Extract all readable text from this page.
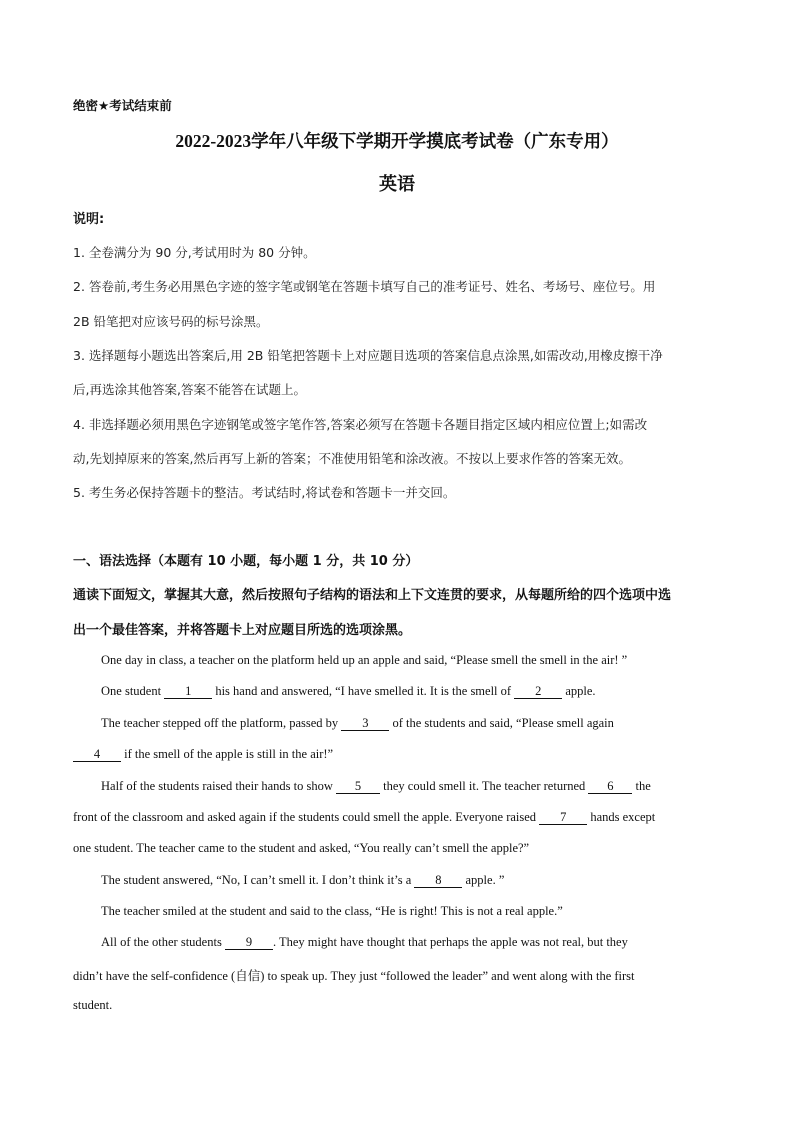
绝密★考试结束前
2022-2023学年八年级下学期开学摸底考试卷（广东专用）
英语
说明:
1. 全卷满分为 90 分,考试用时为 80 分钟。
2. 答卷前,考生务必用黑色字迹的签字笔或钢笔在答题卡填写自己的准考证号、姓名、考场号、座位号。用
2B 铅笔把对应该号码的标号涂黑。
3. 选择题每小题选出答案后,用 2B 铅笔把答题卡上对应题目选项的答案信息点涂黑,如需改动,用橡皮擦干净
后,再选涂其他答案,答案不能答在试题上。
4. 非选择题必须用黑色字迹钢笔或签字笔作答,答案必须写在答题卡各题目指定区域内相应位置上;如需改
动,先划掉原来的答案,然后再写上新的答案；不准使用铅笔和涂改液。不按以上要求作答的答案无效。
5. 考生务必保持答题卡的整洁。考试结时,将试卷和答题卡一并交回。
一、语法选择（本题有 10 小题，每小题 1 分，共 10 分）
通读下面短文，掌握其大意，然后按照句子结构的语法和上下文连贯的要求，从每题所给的四个选项中选
出一个最佳答案，并将答题卡上对应题目所选的选项涂黑。
One day in class, a teacher on the platform held up an apple and said, “Please smell the smell in the air! ”
One student 1 his hand and answered, “I have smelled it. It is the smell of 2 apple.
The teacher stepped off the platform, passed by 3 of the students and said, “Please smell again
4 if the smell of the apple is still in the air!”
Half of the students raised their hands to show 5 they could smell it. The teacher returned 6 the
front of the classroom and asked again if the students could smell the apple. Everyone raised 7 hands except
one student. The teacher came to the student and asked, “You really can’t smell the apple?”
The student answered, “No, I can’t smell it. I don’t think it’s a 8 apple. ”
The teacher smiled at the student and said to the class, “He is right! This is not a real apple.”
All of the other students 9 . They might have thought that perhaps the apple was not real, but they
didn’t have the self-confidence (自信) to speak up. They just “followed the leader” and went along with the first
student.
